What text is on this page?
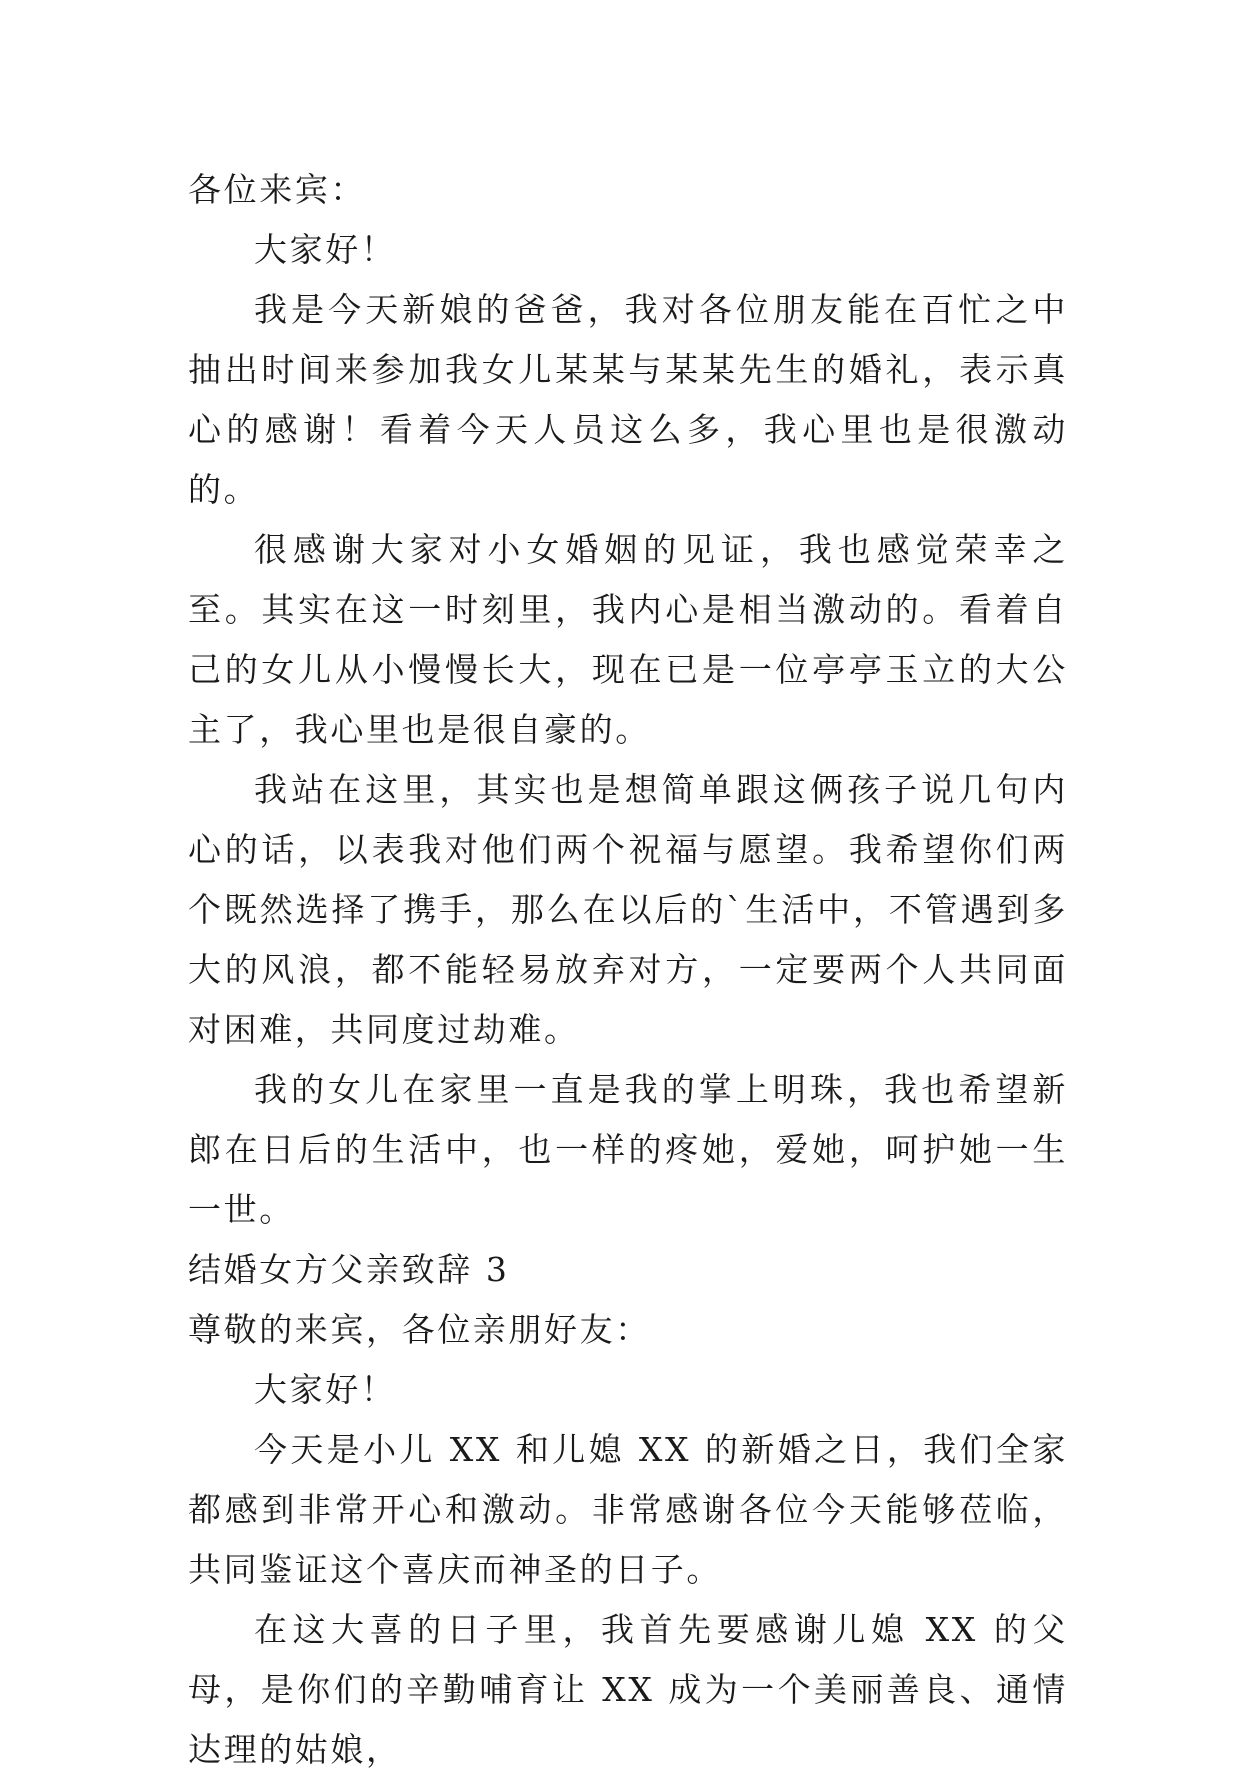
各位来宾：

大家好！

我是今天新娘的爸爸，我对各位朋友能在百忙之中抽出时间来参加我女儿某某与某某先生的婚礼，表示真心的感谢！看着今天人员这么多，我心里也是很激动的。

很感谢大家对小女婚姻的见证，我也感觉荣幸之至。其实在这一时刻里，我内心是相当激动的。看着自己的女儿从小慢慢长大，现在已是一位亭亭玉立的大公主了，我心里也是很自豪的。

我站在这里，其实也是想简单跟这俩孩子说几句内心的话，以表我对他们两个祝福与愿望。我希望你们两个既然选择了携手，那么在以后的`生活中，不管遇到多大的风浪，都不能轻易放弃对方，一定要两个人共同面对困难，共同度过劫难。

我的女儿在家里一直是我的掌上明珠，我也希望新郎在日后的生活中，也一样的疼她，爱她，呵护她一生一世。

结婚女方父亲致辞 3

尊敬的来宾，各位亲朋好友：

大家好！

今天是小儿 XX 和儿媳 XX 的新婚之日，我们全家都感到非常开心和激动。非常感谢各位今天能够莅临，共同鉴证这个喜庆而神圣的日子。

在这大喜的日子里，我首先要感谢儿媳 XX 的父母，是你们的辛勤哺育让 XX 成为一个美丽善良、通情达理的姑娘，
